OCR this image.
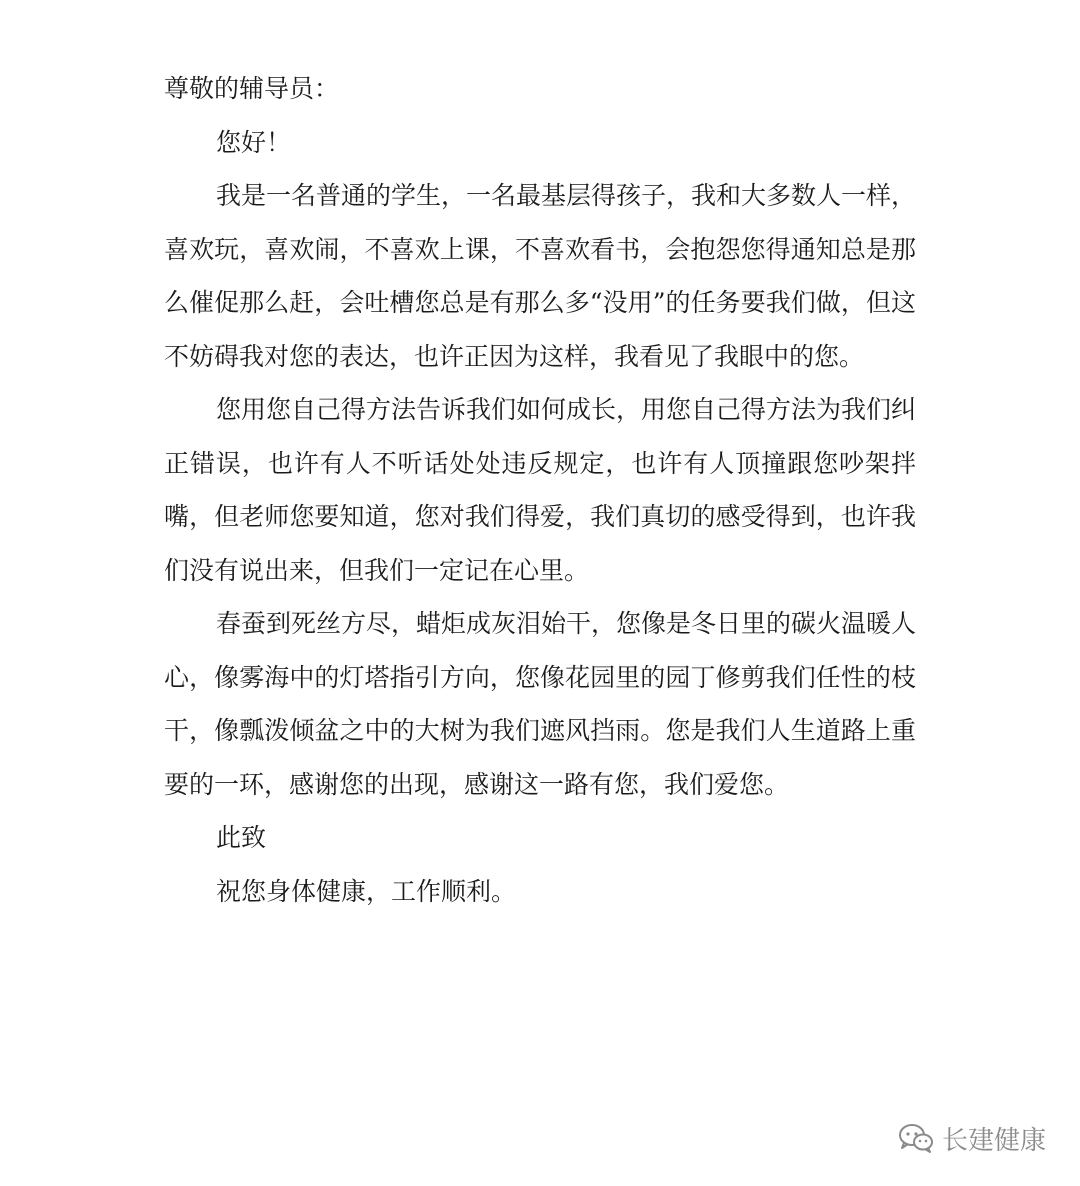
尊敬的辅导员：
您好！
我是一名普通的学生，一名最基层得孩子，我和大多数人一样，喜欢玩，喜欢闹，不喜欢上课，不喜欢看书，会抱怨您得通知总是那么催促那么赶，会吐槽您总是有那么多“没用”的任务要我们做，但这不妨碍我对您的表达，也许正因为这样，我看见了我眼中的您。
您用您自己得方法告诉我们如何成长，用您自己得方法为我们纠正错误，也许有人不听话处处违反规定，也许有人顶撞跟您吵架拌嘴，但老师您要知道，您对我们得爱，我们真切的感受得到，也许我们没有说出来，但我们一定记在心里。
春蚕到死丝方尽，蜡炬成灰泪始干，您像是冬日里的碳火温暖人心，像雾海中的灯塔指引方向，您像花园里的园丁修剪我们任性的枝干，像瓢泼倾盆之中的大树为我们遮风挡雨。您是我们人生道路上重要的一环，感谢您的出现，感谢这一路有您，我们爱您。
此致
祝您身体健康，工作顺利。
长建健康
